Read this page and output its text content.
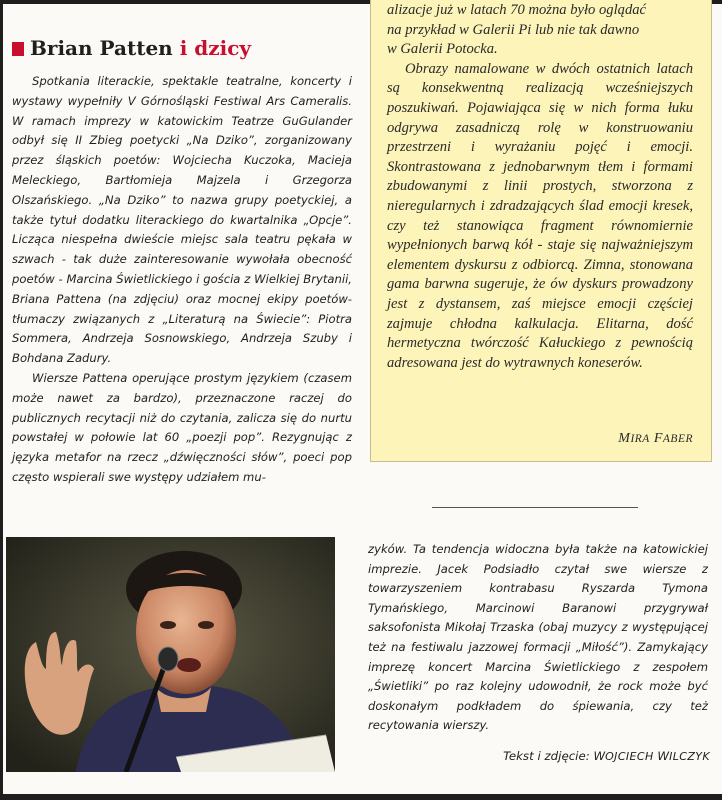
alizacje już w latach 70 można było oglądać

na przykład w Galerii Pi lub nie tak dawno

w Galerii Potocka.

Obrazy namalowane w dwóch ostatnich latach są konsekwentną realizacją wcześniejszych poszukiwań. Pojawiająca się w nich forma łuku odgrywa zasadniczą rolę w konstruowaniu przestrzeni i wyrażaniu pojęć i emocji. Skontrastowana z jednobarwnym tłem i formami zbudowanymi z linii prostych, stworzona z nieregularnych i zdradzających ślad emocji kresek, czy też stanowiąca fragment równomiernie wypełnionych barwą kół - staje się najważniejszym elementem dyskursu z odbiorcą. Zimna, stonowana gama barwna sugeruje, że ów dyskurs prowadzony jest z dystansem, zaś miejsce emocji częściej zajmuje chłodna kalkulacja. Elitarna, dość hermetyczna twórczość Kałuckiego z pewnością adresowana jest do wytrawnych koneserów.

MIRA FABER
Brian Patten i dzicy

Spotkania literackie, spektakle teatralne, koncerty i wystawy wypełniły V Górnośląski Festiwal Ars Cameralis. W ramach imprezy w katowickim Teatrze GuGulander odbył się II Zbieg poetycki „Na Dziko”, zorganizowany przez śląskich poetów: Wojciecha Kuczoka, Macieja Meleckiego, Bartłomieja Majzela i Grzegorza Olszańskiego. „Na Dziko” to nazwa grupy poetyckiej, a także tytuł dodatku literackiego do kwartalnika „Opcje”. Licząca niespełna dwieście miejsc sala teatru pękała w szwach - tak duże zainteresowanie wywołała obecność poetów - Marcina Świetlickiego i gościa z Wielkiej Brytanii, Briana Pattena (na zdjęciu) oraz mocnej ekipy poetów-tłumaczy związanych z „Literaturą na Świecie”: Piotra Sommera, Andrzeja Sosnowskiego, Andrzeja Szuby i Bohdana Zadury.

Wiersze Pattena operujące prostym językiem (czasem może nawet za bardzo), przeznaczone raczej do publicznych recytacji niż do czytania, zalicza się do nurtu powstałej w połowie lat 60 „poezji pop”. Rezygnując z języka metafor na rzecz „dźwięczności słów”, poeci pop często wspierali swe występy udziałem mu-

zyków. Ta tendencja widoczna była także na katowickiej imprezie. Jacek Podsiadło czytał swe wiersze z towarzyszeniem kontrabasu Ryszarda Tymona Tymańskiego, Marcinowi Baranowi przygrywał saksofonista Mikołaj Trzaska (obaj muzycy z występującej też na festiwalu jazzowej formacji „Miłość”). Zamykający imprezę koncert Marcina Świetlickiego z zespołem „Świetliki” po raz kolejny udowodnił, że rock może być doskonałym podkładem do śpiewania, czy też recytowania wierszy.

Tekst i zdjęcie: WOJCIECH WILCZYK
